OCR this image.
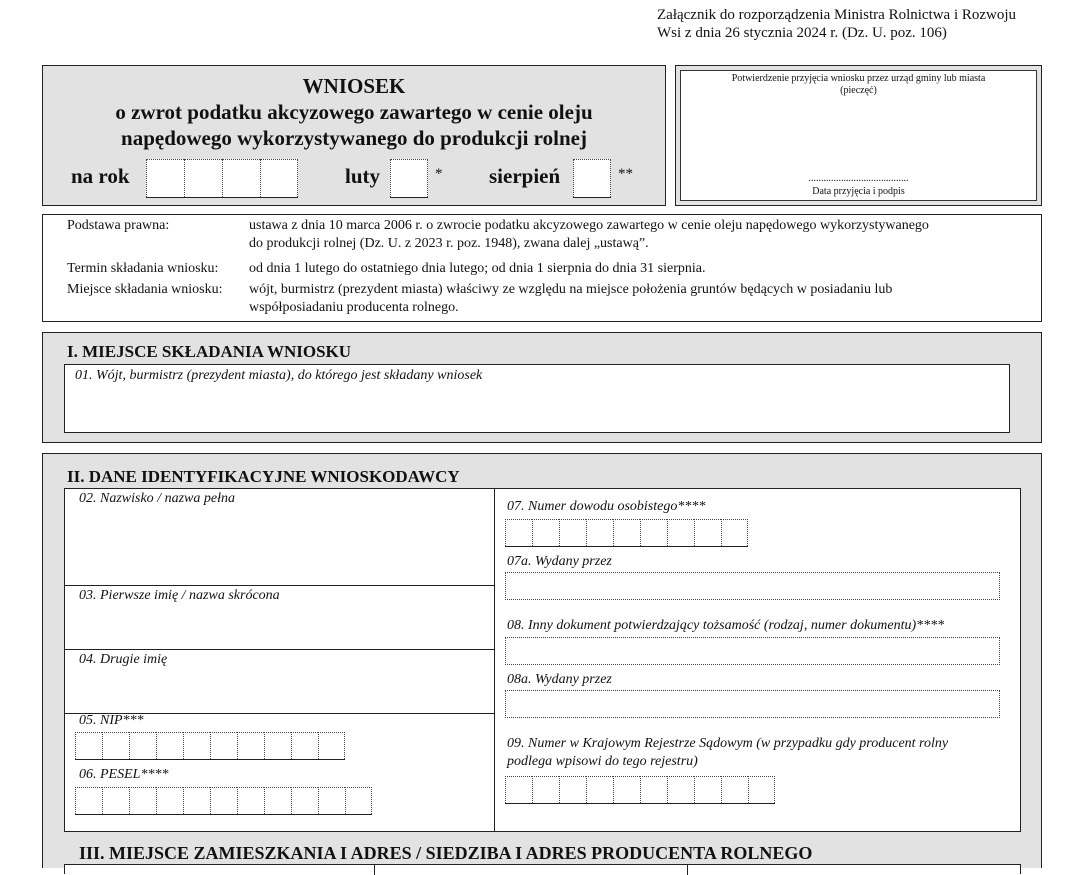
Załącznik do rozporządzenia Ministra Rolnictwa i Rozwoju
Wsi z dnia 26 stycznia 2024 r. (Dz. U. poz. 106)
WNIOSEK
o zwrot podatku akcyzowego zawartego w cenie oleju
napędowego wykorzystywanego do produkcji rolnej
na rok	luty	* sierpień	**
Potwierdzenie przyjęcia wniosku przez urząd gminy lub miasta
(pieczęć)
........................................
Data przyjęcia i podpis
Podstawa prawna:	ustawa z dnia 10 marca 2006 r. o zwrocie podatku akcyzowego zawartego w cenie oleju napędowego wykorzystywanego
do produkcji rolnej (Dz. U. z 2023 r. poz. 1948), zwana dalej „ustawą”.
Termin składania wniosku: od dnia 1 lutego do ostatniego dnia lutego; od dnia 1 sierpnia do dnia 31 sierpnia.
Miejsce składania wniosku: wójt, burmistrz (prezydent miasta) właściwy ze względu na miejsce położenia gruntów będących w posiadaniu lub
współposiadaniu producenta rolnego.
I. MIEJSCE SKŁADANIA WNIOSKU
01. Wójt, burmistrz (prezydent miasta), do którego jest składany wniosek
II. DANE IDENTYFIKACYJNE WNIOSKODAWCY
02. Nazwisko / nazwa pełna
03. Pierwsze imię / nazwa skrócona
04. Drugie imię
05. NIP***
06. PESEL****
07. Numer dowodu osobistego****
07a. Wydany przez
08. Inny dokument potwierdzający tożsamość (rodzaj, numer dokumentu)****
08a. Wydany przez
09. Numer w Krajowym Rejestrze Sądowym (w przypadku gdy producent rolny
podlega wpisowi do tego rejestru)
III. MIEJSCE ZAMIESZKANIA I ADRES / SIEDZIBA I ADRES PRODUCENTA ROLNEGO
